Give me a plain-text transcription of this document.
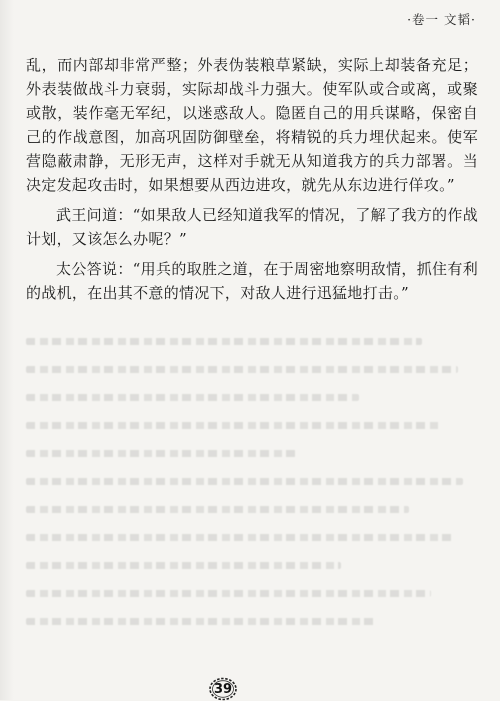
·卷一 文韬·

乱，而内部却非常严整；外表伪装粮草紧缺，实际上却装备充足；外表装做战斗力衰弱，实际却战斗力强大。使军队或合或离，或聚或散，装作毫无军纪，以迷惑敌人。隐匿自己的用兵谋略，保密自己的作战意图，加高巩固防御壁垒，将精锐的兵力埋伏起来。使军营隐蔽肃静，无形无声，这样对手就无从知道我方的兵力部署。当决定发起攻击时，如果想要从西边进攻，就先从东边进行佯攻。”

武王问道：“如果敌人已经知道我军的情况，了解了我方的作战计划，又该怎么办呢？”

太公答说：“用兵的取胜之道，在于周密地察明敌情，抓住有利的战机，在出其不意的情况下，对敌人进行迅猛地打击。”

39
